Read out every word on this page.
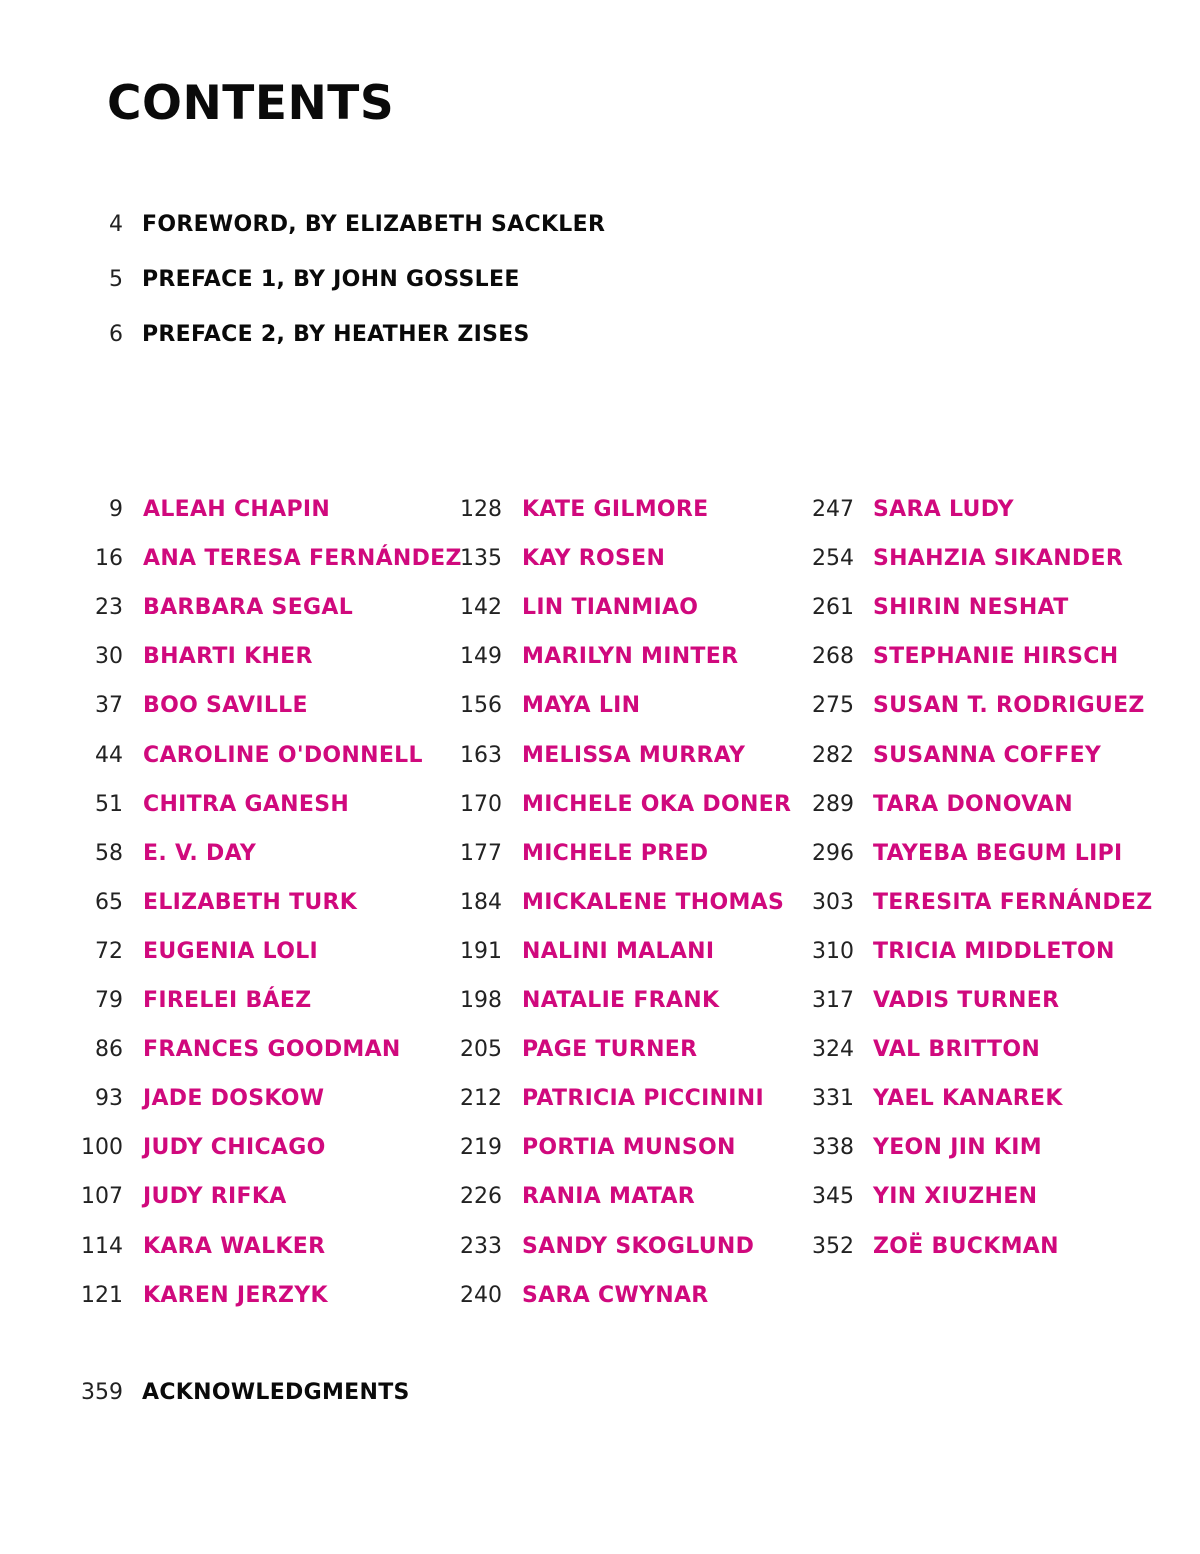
CONTENTS
4 FOREWORD, BY ELIZABETH SACKLER
5 PREFACE 1, BY JOHN GOSSLEE
6 PREFACE 2, BY HEATHER ZISES
9 ALEAH CHAPIN
16 ANA TERESA FERNÁNDEZ
23 BARBARA SEGAL
30 BHARTI KHER
37 BOO SAVILLE
44 CAROLINE O'DONNELL
51 CHITRA GANESH
58 E. V. DAY
65 ELIZABETH TURK
72 EUGENIA LOLI
79 FIRELEI BÁEZ
86 FRANCES GOODMAN
93 JADE DOSKOW
100 JUDY CHICAGO
107 JUDY RIFKA
114 KARA WALKER
121 KAREN JERZYK
128 KATE GILMORE
135 KAY ROSEN
142 LIN TIANMIAO
149 MARILYN MINTER
156 MAYA LIN
163 MELISSA MURRAY
170 MICHELE OKA DONER
177 MICHELE PRED
184 MICKALENE THOMAS
191 NALINI MALANI
198 NATALIE FRANK
205 PAGE TURNER
212 PATRICIA PICCININI
219 PORTIA MUNSON
226 RANIA MATAR
233 SANDY SKOGLUND
240 SARA CWYNAR
247 SARA LUDY
254 SHAHZIA SIKANDER
261 SHIRIN NESHAT
268 STEPHANIE HIRSCH
275 SUSAN T. RODRIGUEZ
282 SUSANNA COFFEY
289 TARA DONOVAN
296 TAYEBA BEGUM LIPI
303 TERESITA FERNÁNDEZ
310 TRICIA MIDDLETON
317 VADIS TURNER
324 VAL BRITTON
331 YAEL KANAREK
338 YEON JIN KIM
345 YIN XIUZHEN
352 ZOË BUCKMAN
359 ACKNOWLEDGMENTS
